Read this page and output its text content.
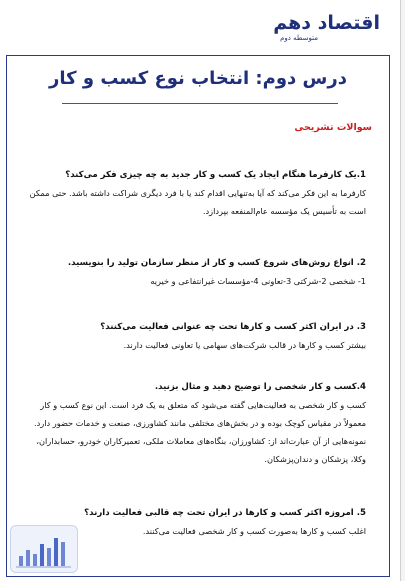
اقتصاد دهم
متوسطه دوم
درس دوم: انتخاب نوع کسب و کار
سوالات تشریحی
1.یک کارفرما هنگام ایجاد یک کسب و کار جدید به چه چیزی فکر می‌کند؟
کارفرما به این فکر می‌کند که آیا به‌تنهایی اقدام کند یا با فرد دیگری شراکت داشته باشد. حتی ممکن است به تأسیس یک مؤسسه عام‌المنفعه بپردازد.
2. انواع روش‌های شروع کسب و کار از منظر سازمان تولید را بنویسید.
1- شخصی 2-شرکتی 3-تعاونی 4-مؤسسات غیرانتفاعی و خیریه
3. در ایران اکثر کسب و کارها تحت چه عنوانی فعالیت می‌کنند؟
بیشتر کسب و کارها در قالب شرکت‌های سهامی یا تعاونی فعالیت دارند.
4.کسب و کار شخصی را توضیح دهید و مثال بزنید.
کسب و کار شخصی به فعالیت‌هایی گفته می‌شود که متعلق به یک فرد است. این نوع کسب و کار معمولاً در مقیاس کوچک بوده و در بخش‌های مختلفی مانند کشاورزی، صنعت و خدمات حضور دارد. نمونه‌هایی از آن عبارت‌اند از: کشاورزان، بنگاه‌های معاملات ملکی، تعمیرکاران خودرو، حسابداران، وکلا، پزشکان و دندان‌پزشکان.
5. امروزه اکثر کسب و کارها در ایران تحت چه قالبی فعالیت دارند؟
اغلب کسب و کارها به‌صورت کسب و کار شخصی فعالیت می‌کنند.
